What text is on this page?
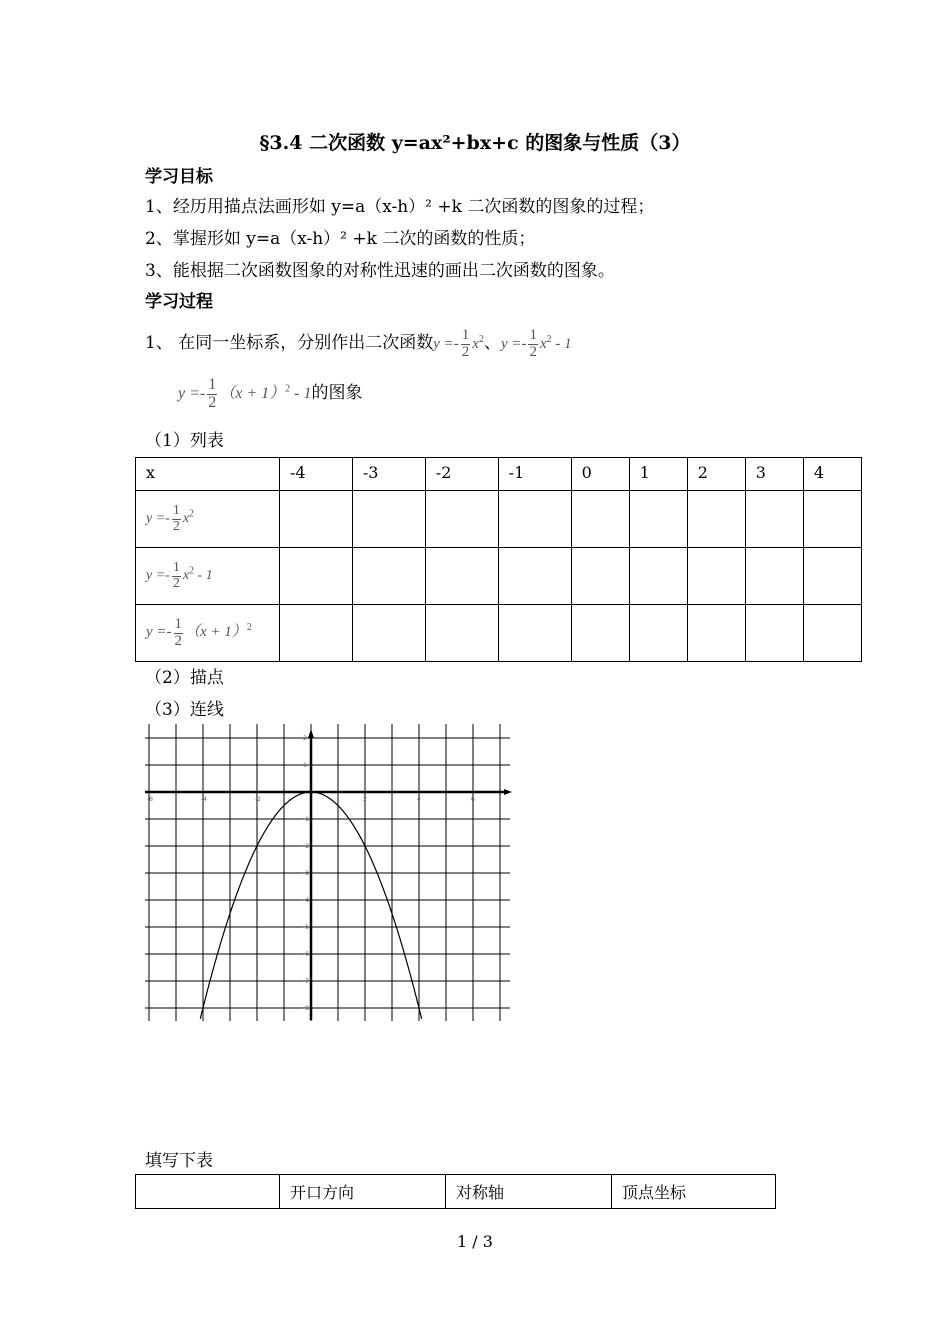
§3.4 二次函数 y=ax²+bx+c 的图象与性质（3）
学习目标
1、经历用描点法画形如 y=a（x-h）² +k 二次函数的图象的过程；
2、掌握形如 y=a（x-h）² +k 二次的函数的性质；
3、能根据二次函数图象的对称性迅速的画出二次函数的图象。
学习过程
1、 在同一坐标系，分别作出二次函数$y =- \frac{1}{2} x^2$、$y =- \frac{1}{2} x^2 - 1$
$y =- \frac{1}{2} (x + 1)^2 - 1$的图象
（1）列表
x	-4	-3	-2	-1	0	1	2	3	4
$y =- \frac{1}{2} x^2$									
$y =- \frac{1}{2} x^2 - 1$									
$y =- \frac{1}{2} (x + 1)^2$									
（2）描点
（3）连线
-6	-4	-2	2	4	6
2
1
-1
-2
-3
-4
-5
-6
-7
-8
填写下表
	开口方向	对称轴	顶点坐标
1 / 3
